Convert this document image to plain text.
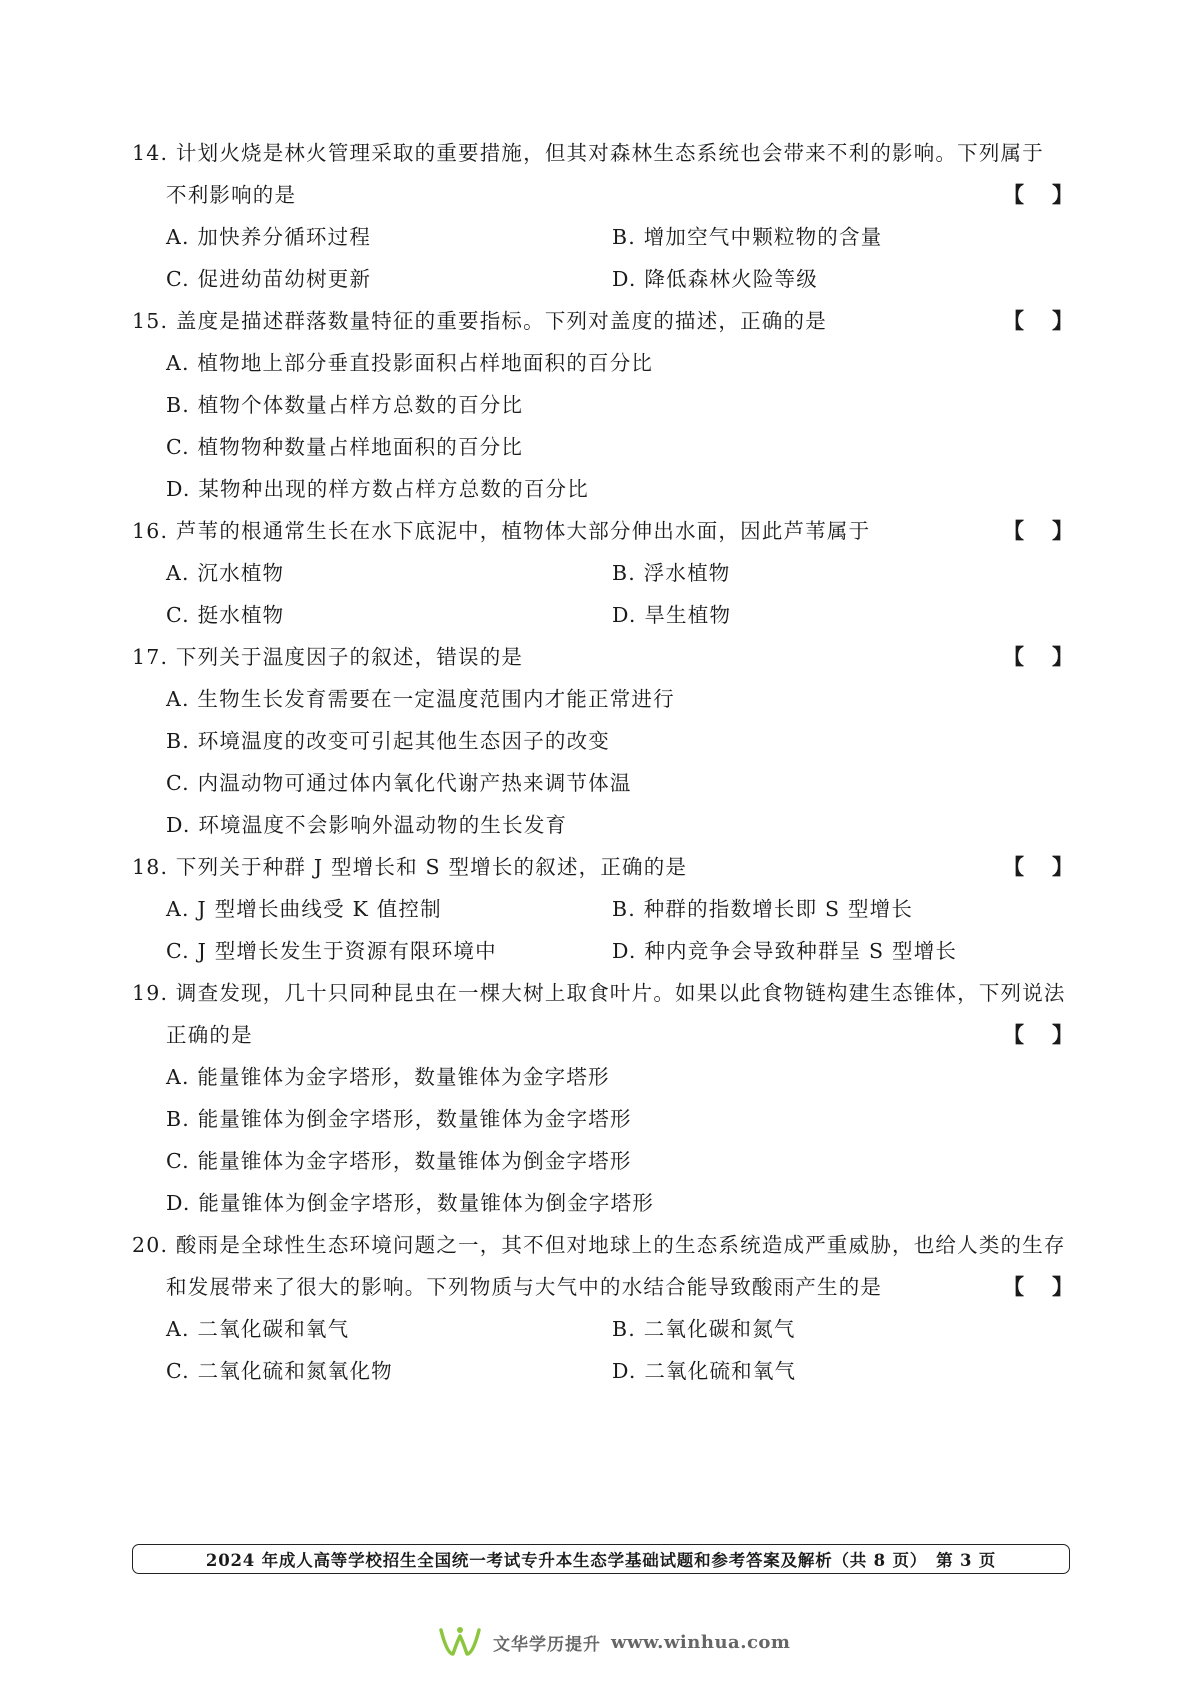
14. 计划火烧是林火管理采取的重要措施，但其对森林生态系统也会带来不利的影响。下列属于
不利影响的是	【 】
A. 加快养分循环过程	B. 增加空气中颗粒物的含量
C. 促进幼苗幼树更新	D. 降低森林火险等级
15. 盖度是描述群落数量特征的重要指标。下列对盖度的描述，正确的是	【 】
A. 植物地上部分垂直投影面积占样地面积的百分比
B. 植物个体数量占样方总数的百分比
C. 植物物种数量占样地面积的百分比
D. 某物种出现的样方数占样方总数的百分比
16. 芦苇的根通常生长在水下底泥中，植物体大部分伸出水面，因此芦苇属于	【 】
A. 沉水植物	B. 浮水植物
C. 挺水植物	D. 旱生植物
17. 下列关于温度因子的叙述，错误的是	【 】
A. 生物生长发育需要在一定温度范围内才能正常进行
B. 环境温度的改变可引起其他生态因子的改变
C. 内温动物可通过体内氧化代谢产热来调节体温
D. 环境温度不会影响外温动物的生长发育
18. 下列关于种群 J 型增长和 S 型增长的叙述，正确的是	【 】
A. J 型增长曲线受 K 值控制	B. 种群的指数增长即 S 型增长
C. J 型增长发生于资源有限环境中	D. 种内竞争会导致种群呈 S 型增长
19. 调查发现，几十只同种昆虫在一棵大树上取食叶片。如果以此食物链构建生态锥体，下列说法
正确的是	【 】
A. 能量锥体为金字塔形，数量锥体为金字塔形
B. 能量锥体为倒金字塔形，数量锥体为金字塔形
C. 能量锥体为金字塔形，数量锥体为倒金字塔形
D. 能量锥体为倒金字塔形，数量锥体为倒金字塔形
20. 酸雨是全球性生态环境问题之一，其不但对地球上的生态系统造成严重威胁，也给人类的生存
和发展带来了很大的影响。下列物质与大气中的水结合能导致酸雨产生的是	【 】
A. 二氧化碳和氧气	B. 二氧化碳和氮气
C. 二氧化硫和氮氧化物	D. 二氧化硫和氧气
2024 年成人高等学校招生全国统一考试专升本生态学基础试题和参考答案及解析（共 8 页）　第 3 页
文华学历提升 www.winhua.com
